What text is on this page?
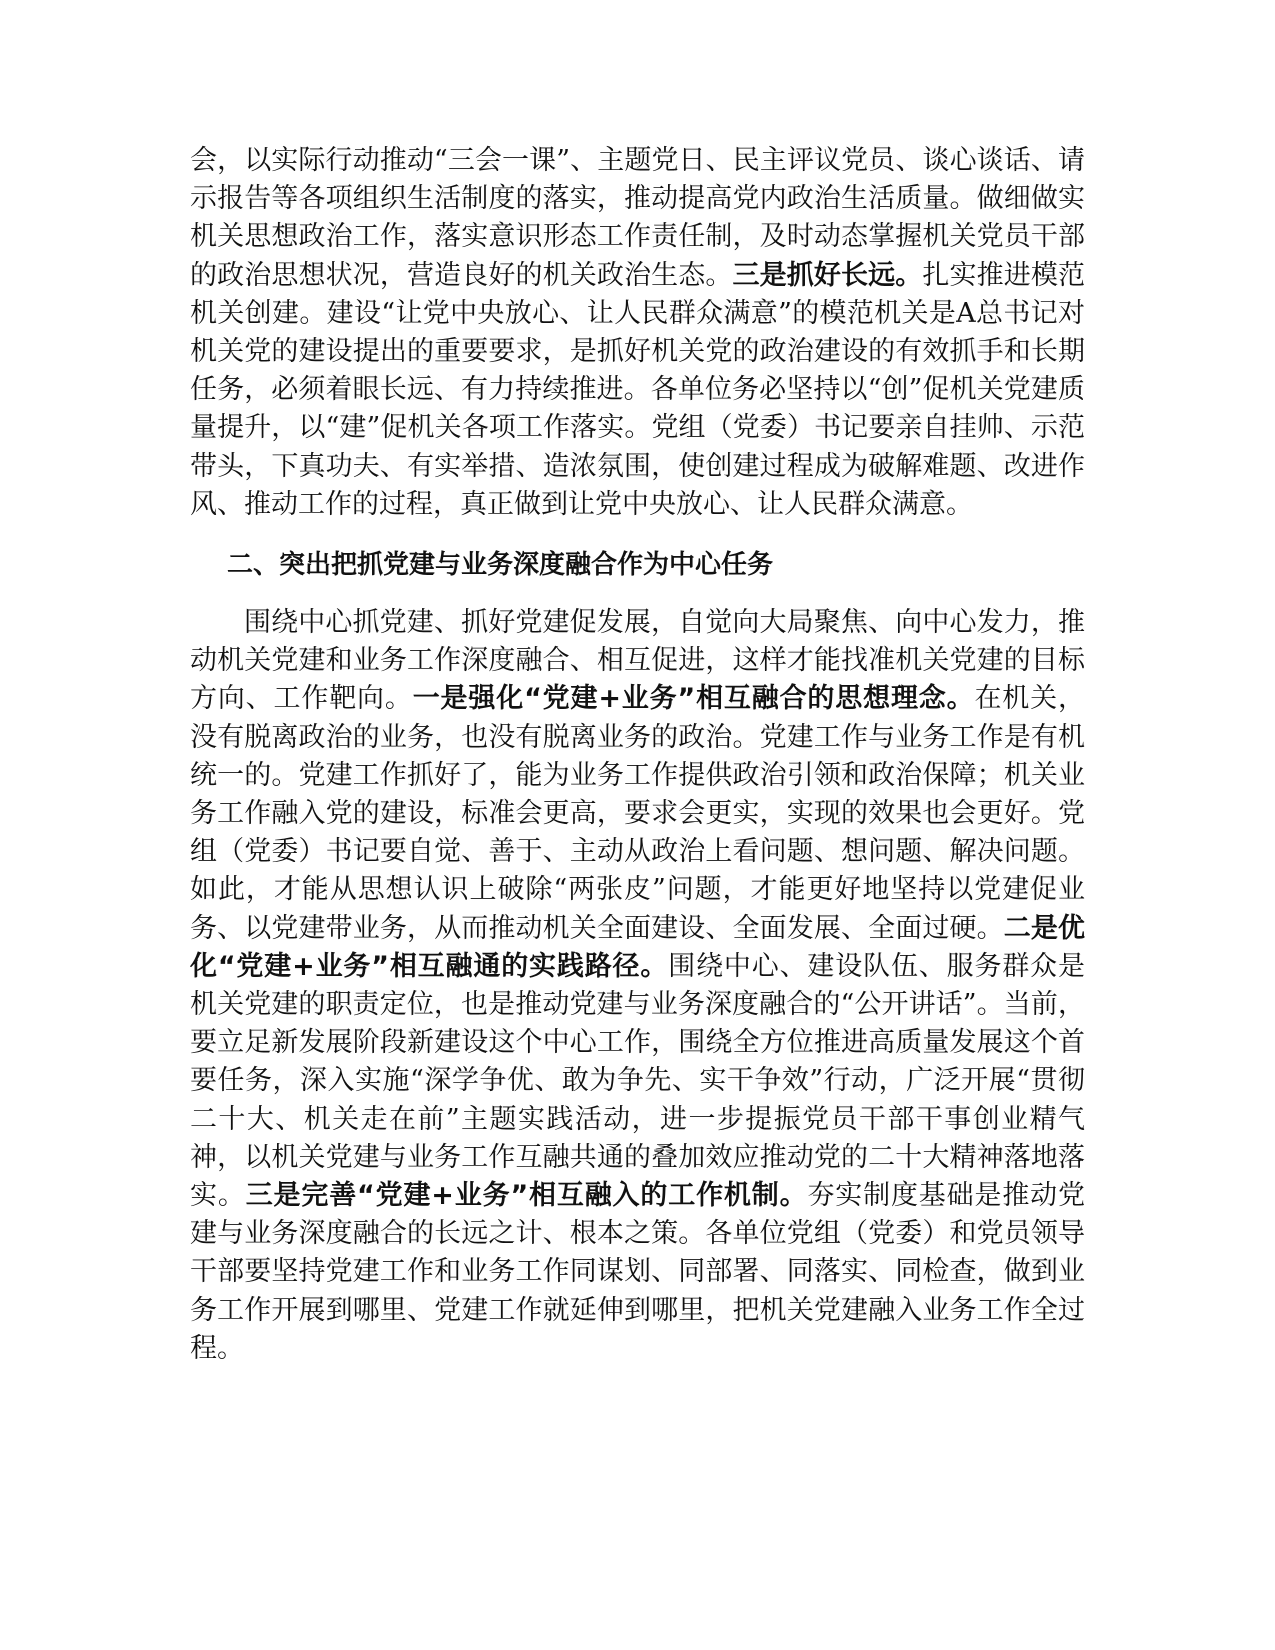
会，以实际行动推动“三会一课”、主题党日、民主评议党员、谈心谈话、请示报告等各项组织生活制度的落实，推动提高党内政治生活质量。做细做实机关思想政治工作，落实意识形态工作责任制，及时动态掌握机关党员干部的政治思想状况，营造良好的机关政治生态。三是抓好长远。扎实推进模范机关创建。建设“让党中央放心、让人民群众满意”的模范机关是A总书记对机关党的建设提出的重要要求，是抓好机关党的政治建设的有效抓手和长期任务，必须着眼长远、有力持续推进。各单位务必坚持以“创”促机关党建质量提升，以“建”促机关各项工作落实。党组（党委）书记要亲自挂帅、示范带头，下真功夫、有实举措、造浓氛围，使创建过程成为破解难题、改进作风、推动工作的过程，真正做到让党中央放心、让人民群众满意。
二、突出把抓党建与业务深度融合作为中心任务
围绕中心抓党建、抓好党建促发展，自觉向大局聚焦、向中心发力，推动机关党建和业务工作深度融合、相互促进，这样才能找准机关党建的目标方向、工作靶向。一是强化“党建+业务”相互融合的思想理念。在机关，没有脱离政治的业务，也没有脱离业务的政治。党建工作与业务工作是有机统一的。党建工作抓好了，能为业务工作提供政治引领和政治保障；机关业务工作融入党的建设，标准会更高，要求会更实，实现的效果也会更好。党组（党委）书记要自觉、善于、主动从政治上看问题、想问题、解决问题。如此，才能从思想认识上破除“两张皮”问题，才能更好地坚持以党建促业务、以党建带业务，从而推动机关全面建设、全面发展、全面过硬。二是优化“党建+业务”相互融通的实践路径。围绕中心、建设队伍、服务群众是机关党建的职责定位，也是推动党建与业务深度融合的“公开讲话”。当前，要立足新发展阶段新建设这个中心工作，围绕全方位推进高质量发展这个首要任务，深入实施“深学争优、敢为争先、实干争效”行动，广泛开展“贯彻二十大、机关走在前”主题实践活动，进一步提振党员干部干事创业精气神，以机关党建与业务工作互融共通的叠加效应推动党的二十大精神落地落实。三是完善“党建+业务”相互融入的工作机制。夯实制度基础是推动党建与业务深度融合的长远之计、根本之策。各单位党组（党委）和党员领导干部要坚持党建工作和业务工作同谋划、同部署、同落实、同检查，做到业务工作开展到哪里、党建工作就延伸到哪里，把机关党建融入业务工作全过程。
